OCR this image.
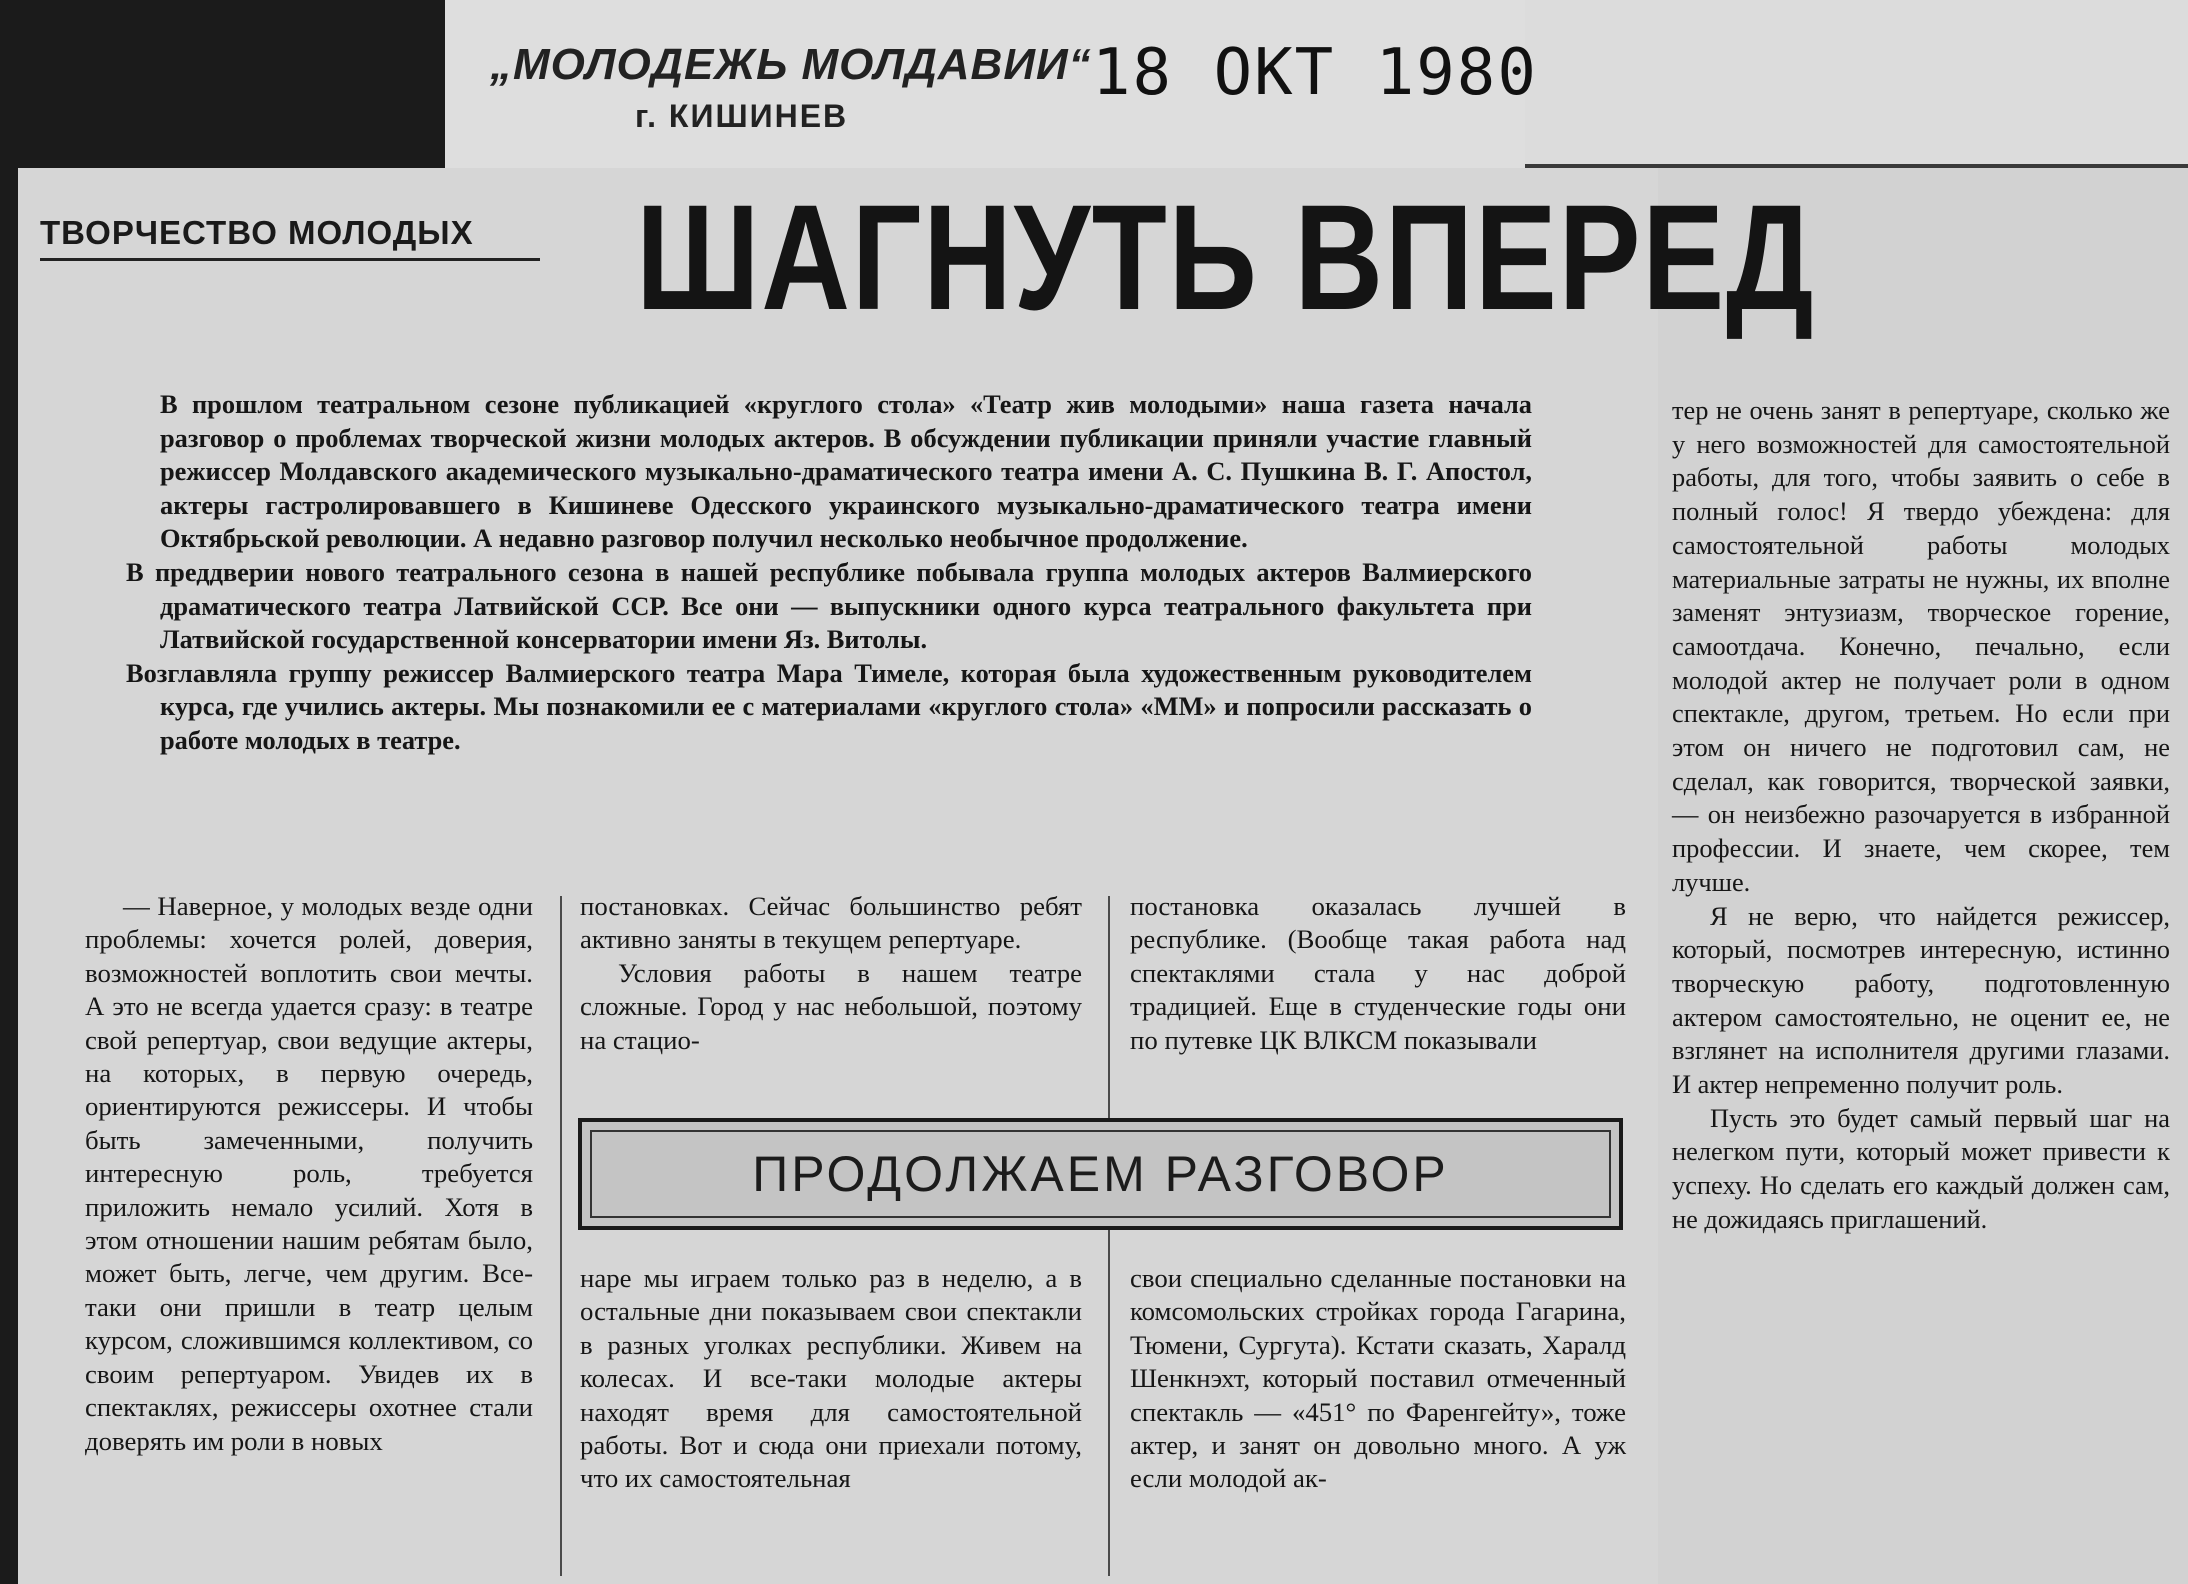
„МОЛОДЕЖЬ МОЛДАВИИ“
г. КИШИНЕВ
18 ОКТ 1980
ТВОРЧЕСТВО МОЛОДЫХ	ШАГНУТЬ ВПЕРЕД

В прошлом театральном сезоне публикацией «круглого стола» «Театр жив молодыми» наша газета начала разговор о проблемах творческой жизни молодых актеров. В обсуждении публикации приняли участие главный режиссер Молдавского академического музыкально-драматического театра имени А. С. Пушкина В. Г. Апостол, актеры гастролировавшего в Кишиневе Одесского украинского музыкально-драматического театра имени Октябрьской революции. А недавно разговор получил несколько необычное продолжение.

В преддверии нового театрального сезона в нашей республике побывала группа молодых актеров Валмиерского драматического театра Латвийской ССР. Все они — выпускники одного курса театрального факультета при Латвийской государственной консерватории имени Яз. Витолы.

Возглавляла группу режиссер Валмиерского театра Мара Тимеле, которая была художественным руководителем курса, где учились актеры. Мы познакомили ее с материалами «круглого стола» «ММ» и попросили рассказать о работе молодых в театре.

— Наверное, у молодых везде одни проблемы: хочется ролей, доверия, возможностей воплотить свои мечты. А это не всегда удается сразу: в театре свой репертуар, свои ведущие актеры, на которых, в первую очередь, ориентируются режиссеры. И чтобы быть замеченными, получить интересную роль, требуется приложить немало усилий. Хотя в этом отношении нашим ребятам было, может быть, легче, чем другим. Все-таки они пришли в театр целым курсом, сложившимся коллективом, со своим репертуаром. Увидев их в спектаклях, режиссеры охотнее стали доверять им роли в новых

постановках. Сейчас большинство ребят активно заняты в текущем репертуаре.

Условия работы в нашем театре сложные. Город у нас небольшой, поэтому на стацио-

постановка оказалась лучшей в республике. (Вообще такая работа над спектаклями стала у нас доброй традицией. Еще в студенческие годы они по путевке ЦК ВЛКСМ показывали

ПРОДОЛЖАЕМ РАЗГОВОР

наре мы играем только раз в неделю, а в остальные дни показываем свои спектакли в разных уголках республики. Живем на колесах. И все-таки молодые актеры находят время для самостоятельной работы. Вот и сюда они приехали потому, что их самостоятельная

свои специально сделанные постановки на комсомольских стройках города Гагарина, Тюмени, Сургута). Кстати сказать, Харалд Шенкнэхт, который поставил отмеченный спектакль — «451° по Фаренгейту», тоже актер, и занят он довольно много. А уж если молодой ак-

тер не очень занят в репертуаре, сколько же у него возможностей для самостоятельной работы, для того, чтобы заявить о себе в полный голос! Я твердо убеждена: для самостоятельной работы молодых материальные затраты не нужны, их вполне заменят энтузиазм, творческое горение, самоотдача. Конечно, печально, если молодой актер не получает роли в одном спектакле, другом, третьем. Но если при этом он ничего не подготовил сам, не сделал, как говорится, творческой заявки, — он неизбежно разочаруется в избранной профессии. И знаете, чем скорее, тем лучше.

Я не верю, что найдется режиссер, который, посмотрев интересную, истинно творческую работу, подготовленную актером самостоятельно, не оценит ее, не взглянет на исполнителя другими глазами. И актер непременно получит роль.

Пусть это будет самый первый шаг на нелегком пути, который может привести к успеху. Но сделать его каждый должен сам, не дожидаясь приглашений.
